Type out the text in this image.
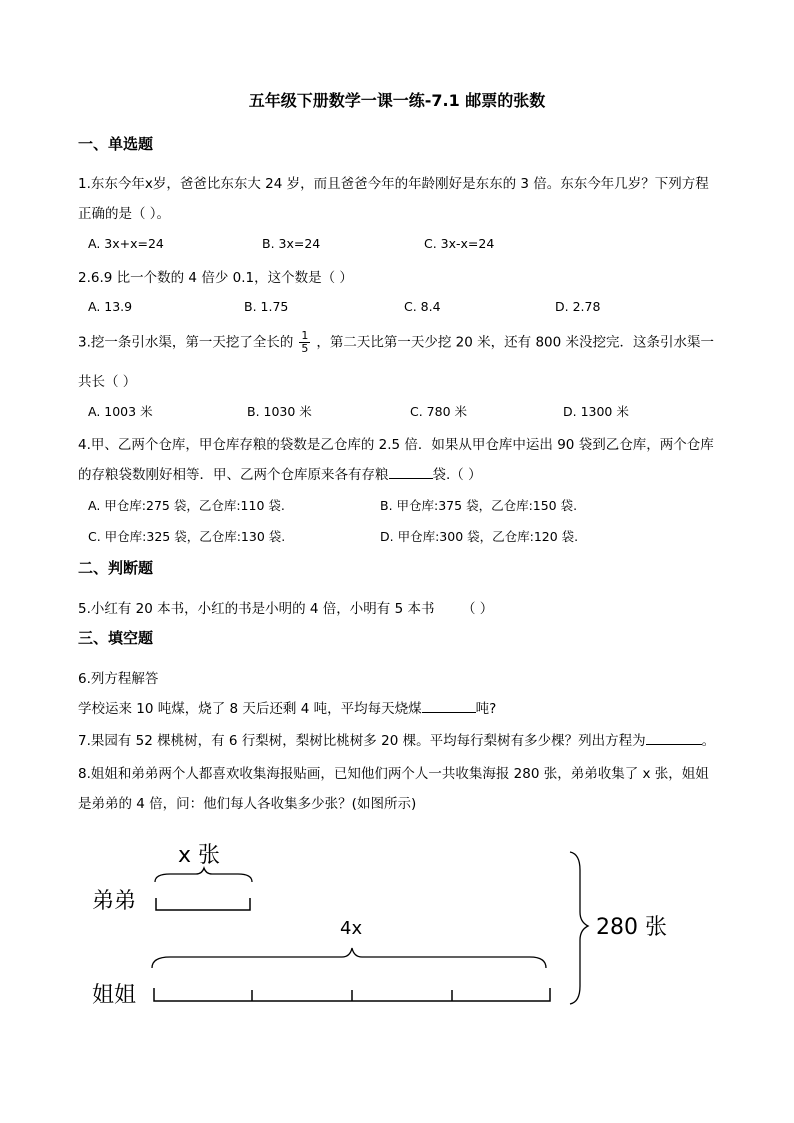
五年级下册数学一课一练-7.1 邮票的张数
一、单选题
1.东东今年x岁，爸爸比东东大 24 岁，而且爸爸今年的年龄刚好是东东的 3 倍。东东今年几岁？下列方程
正确的是（ ）。
A. 3x+x=24	B. 3x=24	C. 3x-x=24
2.6.9 比一个数的 4 倍少 0.1，这个数是（ ）
A. 13.9	B. 1.75	C. 8.4	D. 2.78
3.挖一条引水渠，第一天挖了全长的 $\frac{1}{5}$ ，第二天比第一天少挖 20 米，还有 800 米没挖完．这条引水渠一
共长（ ）
A. 1003 米	B. 1030 米	C. 780 米	D. 1300 米
4.甲、乙两个仓库，甲仓库存粮的袋数是乙仓库的 2.5 倍．如果从甲仓库中运出 90 袋到乙仓库，两个仓库
的存粮袋数刚好相等．甲、乙两个仓库原来各有存粮	袋.（ ）
A. 甲仓库:275 袋，乙仓库:110 袋.	B. 甲仓库:375 袋，乙仓库:150 袋.
C. 甲仓库:325 袋，乙仓库:130 袋.	D. 甲仓库:300 袋，乙仓库:120 袋.
二、判断题
5.小红有 20 本书，小红的书是小明的 4 倍，小明有 5 本书 （ ）
三、填空题
6.列方程解答
学校运来 10 吨煤，烧了 8 天后还剩 4 吨，平均每天烧煤	吨?
7.果园有 52 棵桃树，有 6 行梨树，梨树比桃树多 20 棵。平均每行梨树有多少棵？列出方程为	。
8.姐姐和弟弟两个人都喜欢收集海报贴画，已知他们两个人一共收集海报 280 张，弟弟收集了 x 张，姐姐
是弟弟的 4 倍，问：他们每人各收集多少张？(如图所示)
x 张
弟弟
4x
姐姐
280 张
